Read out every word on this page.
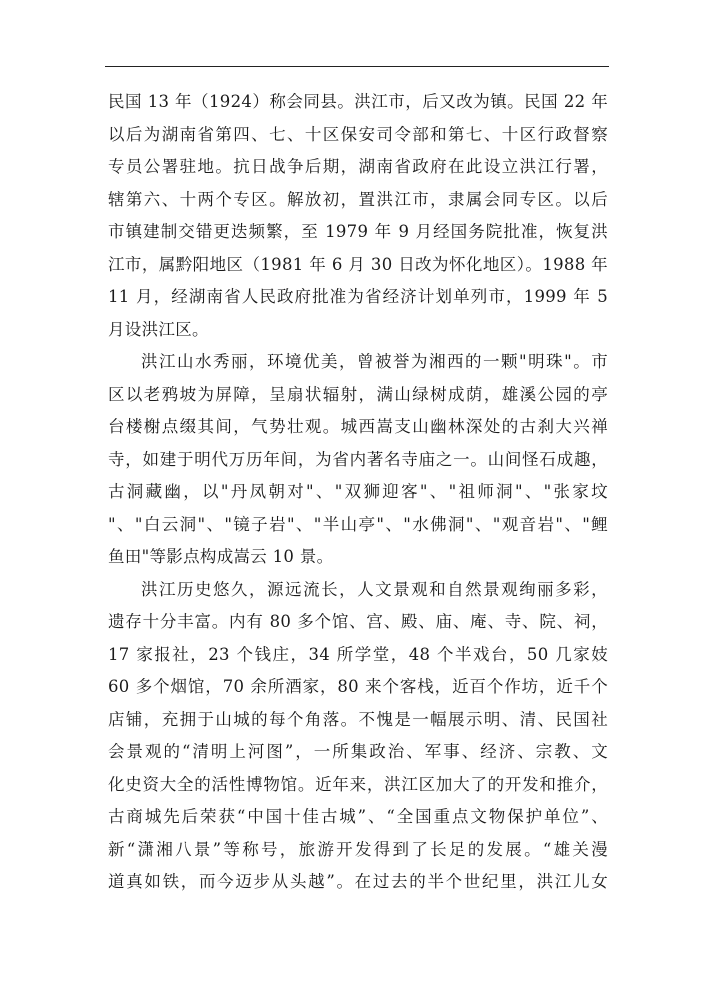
民国 13 年（1924）称会同县。洪江市，后又改为镇。民国 22 年
以后为湖南省第四、七、十区保安司令部和第七、十区行政督察
专员公署驻地。抗日战争后期，湖南省政府在此设立洪江行署，
辖第六、十两个专区。解放初，置洪江市，隶属会同专区。以后
市镇建制交错更迭频繁，至 1979 年 9 月经国务院批准，恢复洪
江市，属黔阳地区（1981 年 6 月 30 日改为怀化地区）。1988 年
11 月，经湖南省人民政府批准为省经济计划单列市，1999 年 5
月设洪江区。
洪江山水秀丽，环境优美，曾被誉为湘西的一颗"明珠"。市
区以老鸦坡为屏障，呈扇状辐射，满山绿树成荫，雄溪公园的亭
台楼榭点缀其间，气势壮观。城西嵩支山幽林深处的古刹大兴禅
寺，如建于明代万历年间，为省内著名寺庙之一。山间怪石成趣，
古洞藏幽，以"丹凤朝对"、"双狮迎客"、"祖师洞"、"张家坟
"、"白云洞"、"镜子岩"、"半山亭"、"水佛洞"、"观音岩"、"鲤
鱼田"等影点构成嵩云 10 景。
洪江历史悠久，源远流长，人文景观和自然景观绚丽多彩，
遗存十分丰富。内有 80 多个馆、宫、殿、庙、庵、寺、院、祠，
17 家报社，23 个钱庄，34 所学堂，48 个半戏台，50 几家妓
60 多个烟馆，70 余所酒家，80 来个客栈，近百个作坊，近千个
店铺，充拥于山城的每个角落。不愧是一幅展示明、清、民国社
会景观的“清明上河图”，一所集政治、军事、经济、宗教、文
化史资大全的活性博物馆。近年来，洪江区加大了的开发和推介，
古商城先后荣获“中国十佳古城”、“全国重点文物保护单位”、
新“潇湘八景”等称号，旅游开发得到了长足的发展。“雄关漫
道真如铁，而今迈步从头越”。在过去的半个世纪里，洪江儿女
